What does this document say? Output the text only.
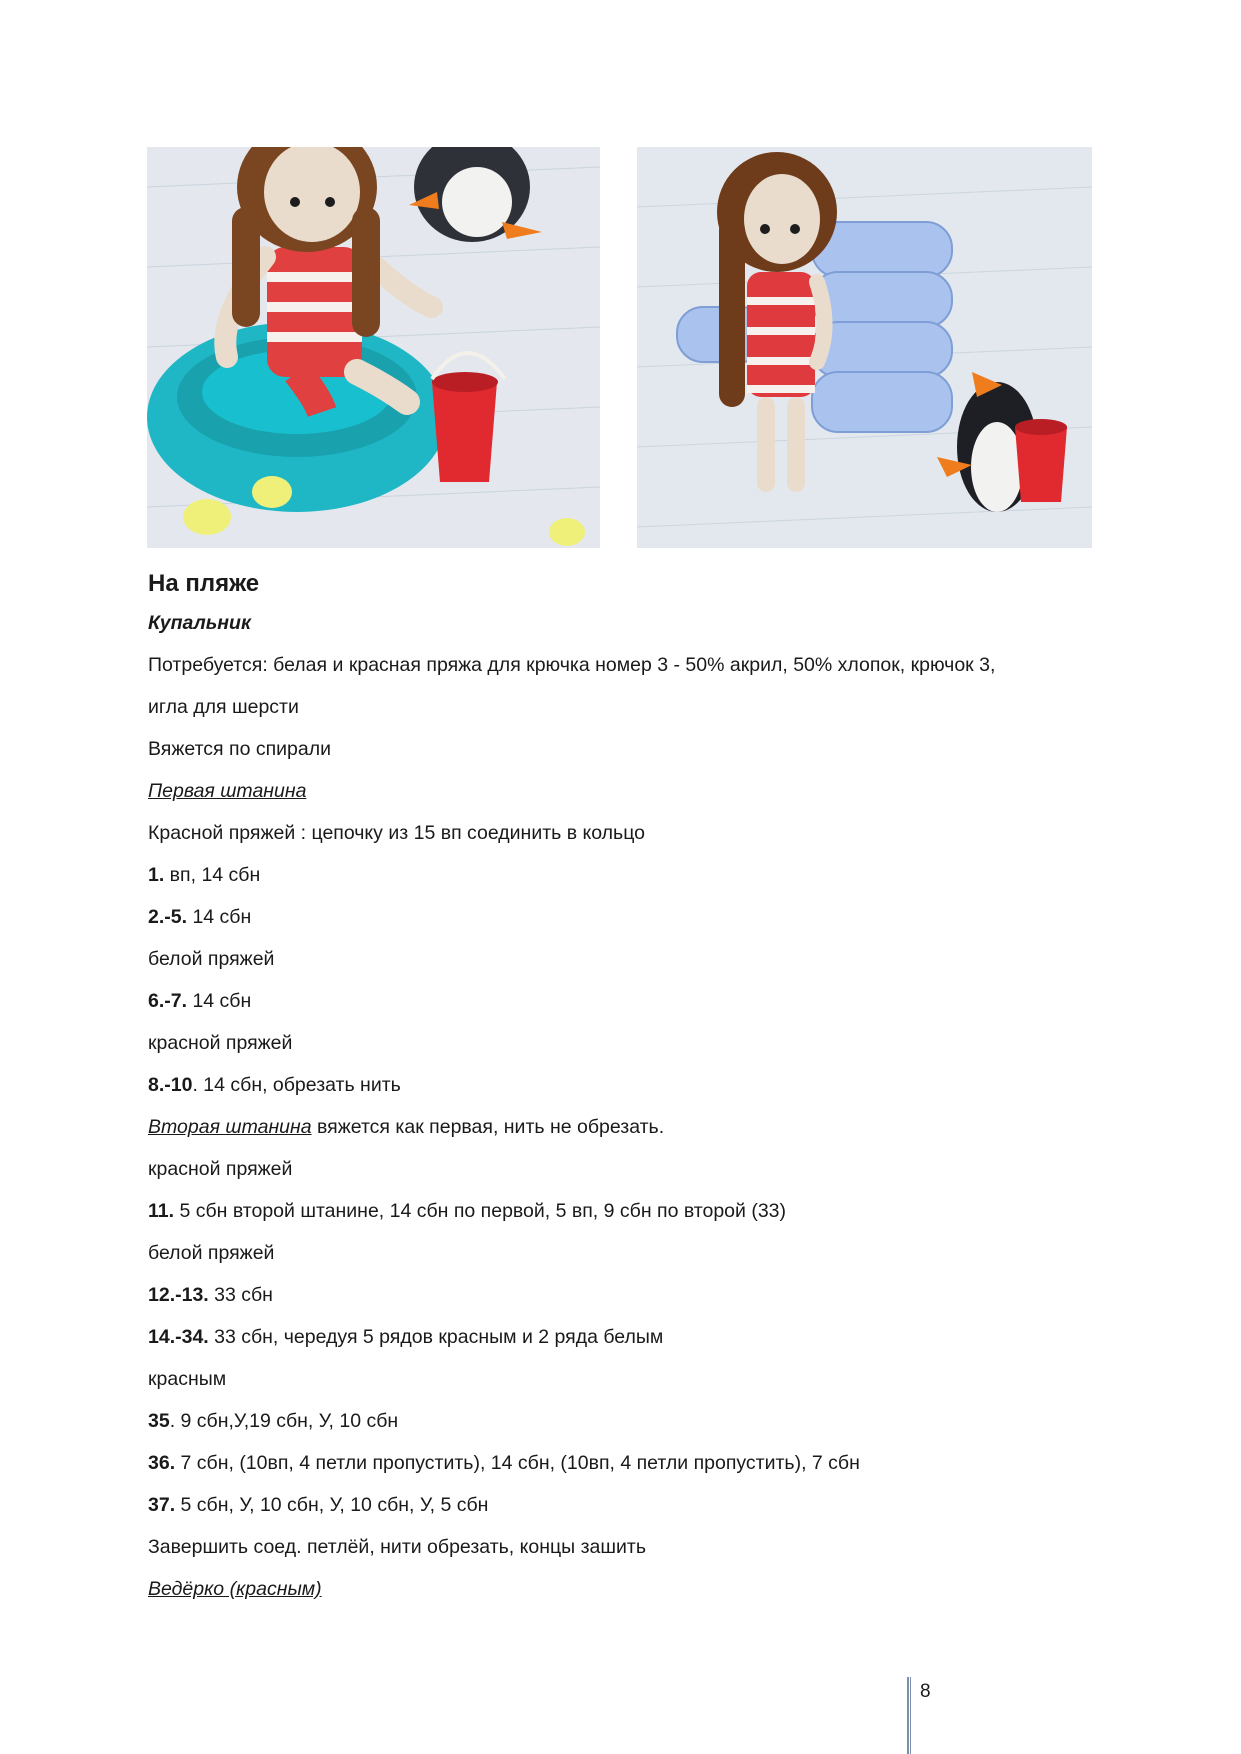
На пляже
Купальник
Потребуется: белая и красная пряжа для крючка номер 3 - 50% акрил, 50% хлопок, крючок 3,
игла для шерсти
Вяжется по спирали
Первая штанина
Красной пряжей : цепочку из 15 вп соединить в кольцо
1. вп, 14 сбн
2.-5. 14 сбн
белой пряжей
6.-7. 14 сбн
красной пряжей
8.-10. 14 сбн, обрезать нить
Вторая штанина вяжется как первая, нить не обрезать.
красной пряжей
11. 5 сбн второй штанине, 14 сбн по первой, 5 вп, 9 сбн по второй (33)
белой пряжей
12.-13. 33 сбн
14.-34. 33 сбн, чередуя 5 рядов красным и 2 ряда белым
красным
35. 9 сбн,У,19 сбн, У, 10 сбн
36. 7 сбн, (10вп, 4 петли пропустить), 14 сбн, (10вп, 4 петли пропустить), 7 сбн
37. 5 сбн, У, 10 сбн, У, 10 сбн, У, 5 сбн
Завершить соед. петлёй, нити обрезать, концы зашить
Ведёрко (красным)
8
